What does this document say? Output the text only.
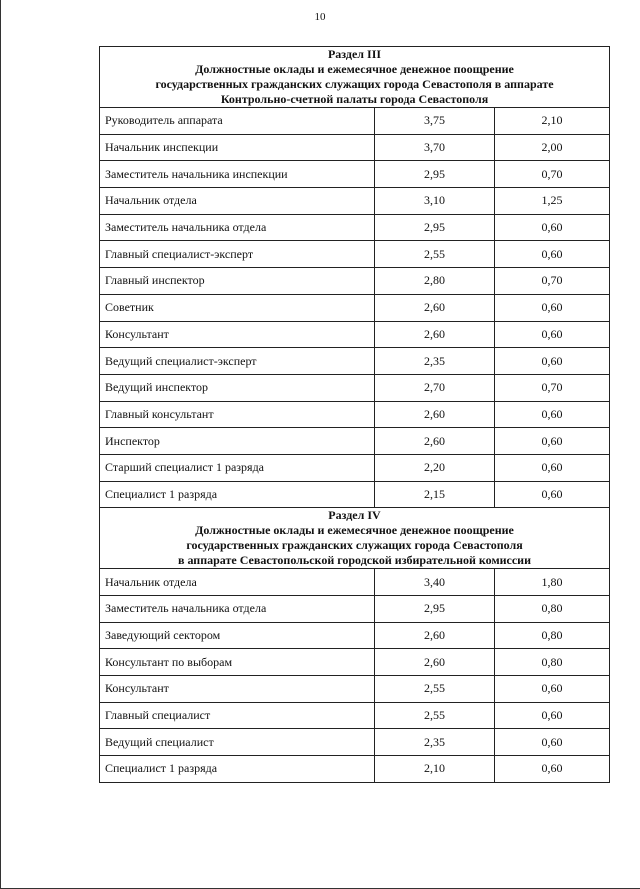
10
Раздел III
Должностные оклады и ежемесячное денежное поощрение
государственных гражданских служащих города Севастополя в аппарате
Контрольно-счетной палаты города Севастополя		

Руководитель аппарата	3,75	2,10
Начальник инспекции	3,70	2,00
Заместитель начальника инспекции	2,95	0,70
Начальник отдела	3,10	1,25
Заместитель начальника отдела	2,95	0,60
Главный специалист-эксперт	2,55	0,60
Главный инспектор	2,80	0,70
Советник	2,60	0,60
Консультант	2,60	0,60
Ведущий специалист-эксперт	2,35	0,60
Ведущий инспектор	2,70	0,70
Главный консультант	2,60	0,60
Инспектор	2,60	0,60
Старший специалист 1 разряда	2,20	0,60
Специалист 1 разряда	2,15	0,60

Раздел IV
Должностные оклады и ежемесячное денежное поощрение
государственных гражданских служащих города Севастополя
в аппарате Севастопольской городской избирательной комиссии		

Начальник отдела	3,40	1,80
Заместитель начальника отдела	2,95	0,80
Заведующий сектором	2,60	0,80
Консультант по выборам	2,60	0,80
Консультант	2,55	0,60
Главный специалист	2,55	0,60
Ведущий специалист	2,35	0,60
Специалист 1 разряда	2,10	0,60
